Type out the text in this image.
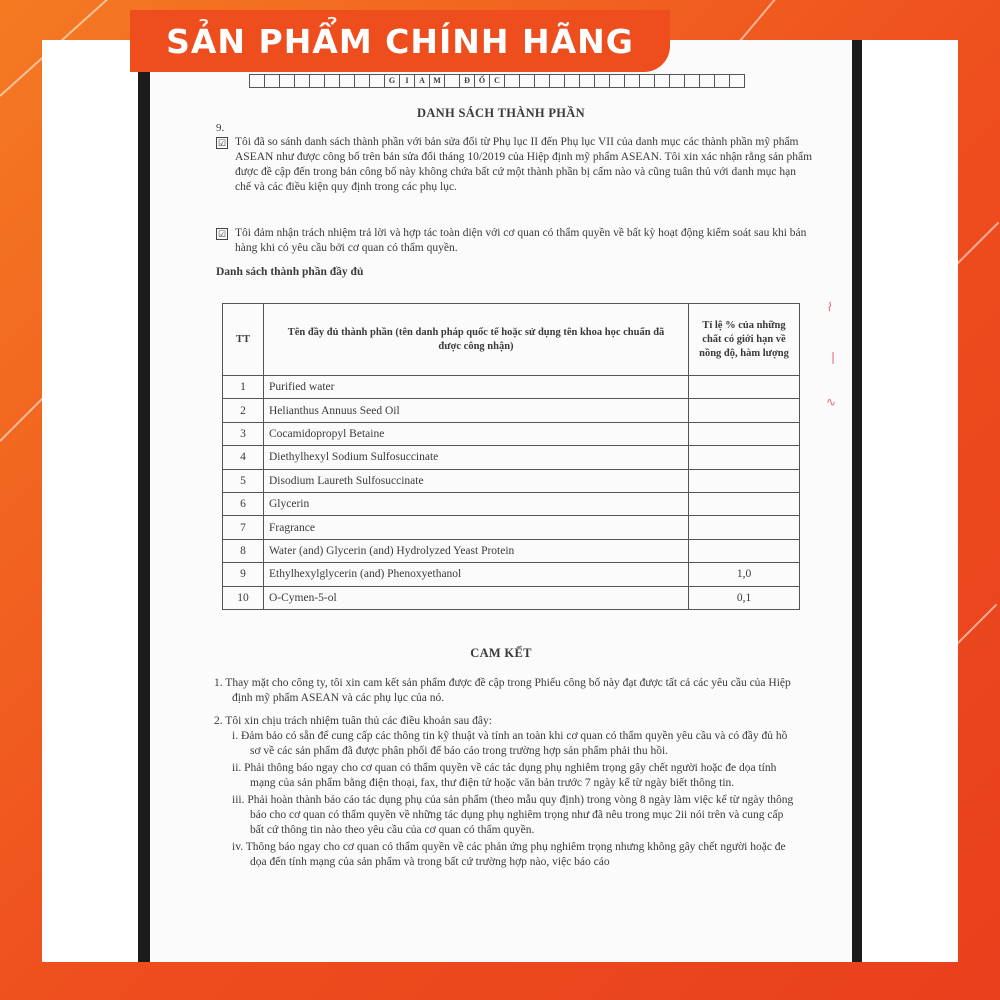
G	I	A	M	Đ	Ố	C
DANH SÁCH THÀNH PHẦN
9.
☑ Tôi đã so sánh danh sách thành phần với bản sửa đổi từ Phụ lục II đến Phụ lục VII của danh mục các thành phần mỹ phẩm ASEAN như được công bố trên bản sửa đổi tháng 10/2019 của Hiệp định mỹ phẩm ASEAN. Tôi xin xác nhận rằng sản phẩm được đề cập đến trong bản công bố này không chứa bất cứ một thành phần bị cấm nào và cũng tuân thủ với danh mục hạn chế và các điều kiện quy định trong các phụ lục.
☑ Tôi đảm nhận trách nhiệm trả lời và hợp tác toàn diện với cơ quan có thẩm quyền về bất kỳ hoạt động kiểm soát sau khi bán hàng khi có yêu cầu bởi cơ quan có thẩm quyền.
Danh sách thành phần đầy đủ
TT	Tên đầy đủ thành phần (tên danh pháp quốc tế hoặc sử dụng tên khoa học chuẩn đã được công nhận)	Tỉ lệ % của những chất có giới hạn về nồng độ, hàm lượng
1	Purified water	
2	Helianthus Annuus Seed Oil	
3	Cocamidopropyl Betaine	
4	Diethylhexyl Sodium Sulfosuccinate	
5	Disodium Laureth Sulfosuccinate	
6	Glycerin	
7	Fragrance	
8	Water (and) Glycerin (and) Hydrolyzed Yeast Protein	
9	Ethylhexylglycerin (and) Phenoxyethanol	1,0
10	O-Cymen-5-ol	0,1
CAM KẾT
1. Thay mặt cho công ty, tôi xin cam kết sản phẩm được đề cập trong Phiếu công bố này đạt được tất cả các yêu cầu của Hiệp định mỹ phẩm ASEAN và các phụ lục của nó.
2. Tôi xin chịu trách nhiệm tuân thủ các điều khoản sau đây:
i. Đảm bảo có sẵn để cung cấp các thông tin kỹ thuật và tính an toàn khi cơ quan có thẩm quyền yêu cầu và có đầy đủ hồ sơ về các sản phẩm đã được phân phối để báo cáo trong trường hợp sản phẩm phải thu hồi.
ii. Phải thông báo ngay cho cơ quan có thẩm quyền về các tác dụng phụ nghiêm trọng gây chết người hoặc đe dọa tính mạng của sản phẩm bằng điện thoại, fax, thư điện tử hoặc văn bản trước 7 ngày kể từ ngày biết thông tin.
iii. Phải hoàn thành báo cáo tác dụng phụ của sản phẩm (theo mẫu quy định) trong vòng 8 ngày làm việc kể từ ngày thông báo cho cơ quan có thẩm quyền về những tác dụng phụ nghiêm trọng như đã nêu trong mục 2ii nói trên và cung cấp bất cứ thông tin nào theo yêu cầu của cơ quan có thẩm quyền.
iv. Thông báo ngay cho cơ quan có thẩm quyền về các phản ứng phụ nghiêm trọng nhưng không gây chết người hoặc đe dọa đến tính mạng của sản phẩm và trong bất cứ trường hợp nào, việc báo cáo
⌇
❘
∿
SẢN PHẨM CHÍNH HÃNG
